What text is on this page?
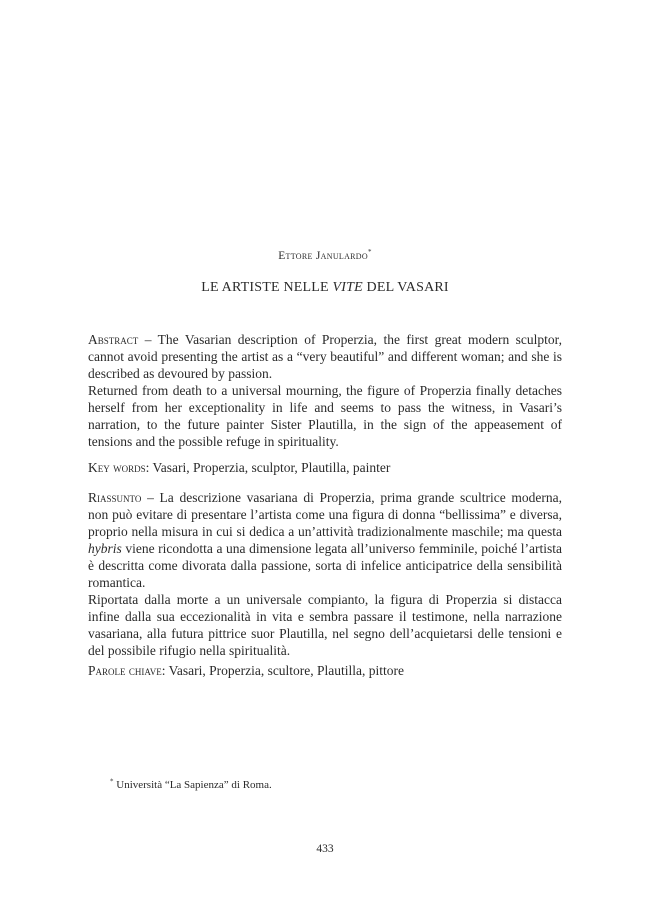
Ettore Janulardo*
LE ARTISTE NELLE VITE DEL VASARI

Abstract – The Vasarian description of Properzia, the first great modern sculptor, cannot avoid presenting the artist as a “very beautiful” and different woman; and she is described as devoured by passion.

Returned from death to a universal mourning, the figure of Properzia finally detaches herself from her exceptionality in life and seems to pass the witness, in Vasari’s narration, to the future painter Sister Plautilla, in the sign of the appeasement of tensions and the possible refuge in spirituality.

Key words: Vasari, Properzia, sculptor, Plautilla, painter

Riassunto – La descrizione vasariana di Properzia, prima grande scultrice moderna, non può evitare di presentare l’artista come una figura di donna “bellissima” e diversa, proprio nella misura in cui si dedica a un’attività tradizionalmente maschile; ma questa hybris viene ricondotta a una dimensione legata all’universo femminile, poiché l’artista è descritta come divorata dalla passione, sorta di infelice anticipatrice della sensibilità romantica.

Riportata dalla morte a un universale compianto, la figura di Properzia si distacca infine dalla sua eccezionalità in vita e sembra passare il testimone, nella narrazione vasariana, alla futura pittrice suor Plautilla, nel segno dell’acquietarsi delle tensioni e del possibile rifugio nella spiritualità.

Parole chiave: Vasari, Properzia, scultore, Plautilla, pittore

* Università “La Sapienza” di Roma.
433
